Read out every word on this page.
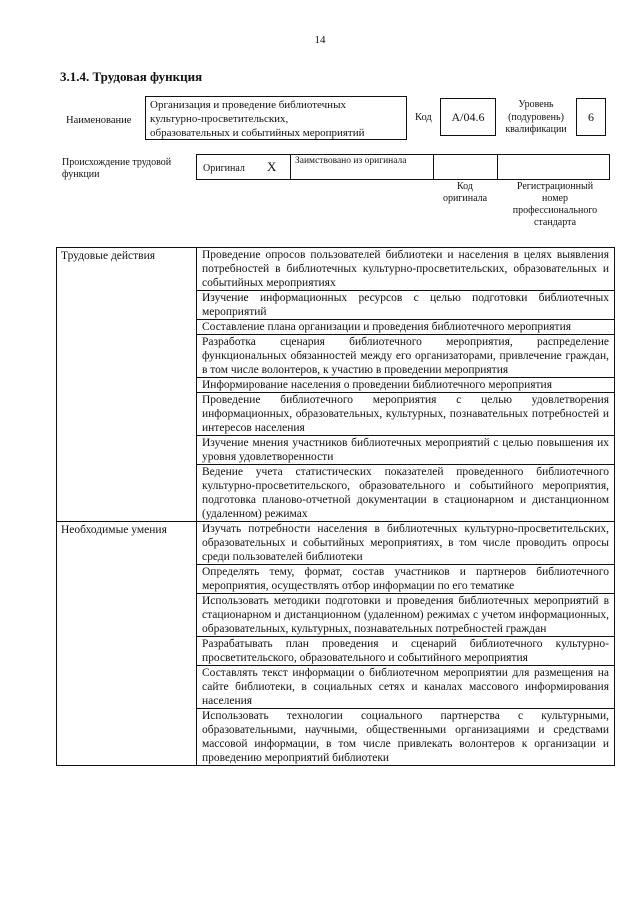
14
3.1.4. Трудовая функция
Наименование
Организация и проведение библиотечных
культурно-просветительских,
образовательных и событийных мероприятий
Код A/04.6
Уровень
(подуровень)
квалификации
6
Происхождение трудовой функции
Оригинал X Заимствовано из оригинала
Код
оригинала
Регистрационный
номер
профессионального
стандарта
Трудовые действия	Проведение опросов пользователей библиотеки и населения в целях выявления потребностей в библиотечных культурно-просветительских, образовательных и событийных мероприятиях
	Изучение информационных ресурсов с целью подготовки библиотечных мероприятий
	Составление плана организации и проведения библиотечного мероприятия
	Разработка сценария библиотечного мероприятия, распределение функциональных обязанностей между его организаторами, привлечение граждан, в том числе волонтеров, к участию в проведении мероприятия
	Информирование населения о проведении библиотечного мероприятия
	Проведение библиотечного мероприятия с целью удовлетворения информационных, образовательных, культурных, познавательных потребностей и интересов населения
	Изучение мнения участников библиотечных мероприятий с целью повышения их уровня удовлетворенности
	Ведение учета статистических показателей проведенного библиотечного культурно-просветительского, образовательного и событийного мероприятия, подготовка планово-отчетной документации в стационарном и дистанционном (удаленном) режимах
Необходимые умения	Изучать потребности населения в библиотечных культурно-просветительских, образовательных и событийных мероприятиях, в том числе проводить опросы среди пользователей библиотеки
	Определять тему, формат, состав участников и партнеров библиотечного мероприятия, осуществлять отбор информации по его тематике
	Использовать методики подготовки и проведения библиотечных мероприятий в стационарном и дистанционном (удаленном) режимах с учетом информационных, образовательных, культурных, познавательных потребностей граждан
	Разрабатывать план проведения и сценарий библиотечного культурно-просветительского, образовательного и событийного мероприятия
	Составлять текст информации о библиотечном мероприятии для размещения на сайте библиотеки, в социальных сетях и каналах массового информирования населения
	Использовать технологии социального партнерства с культурными, образовательными, научными, общественными организациями и средствами массовой информации, в том числе привлекать волонтеров к организации и проведению мероприятий библиотеки
